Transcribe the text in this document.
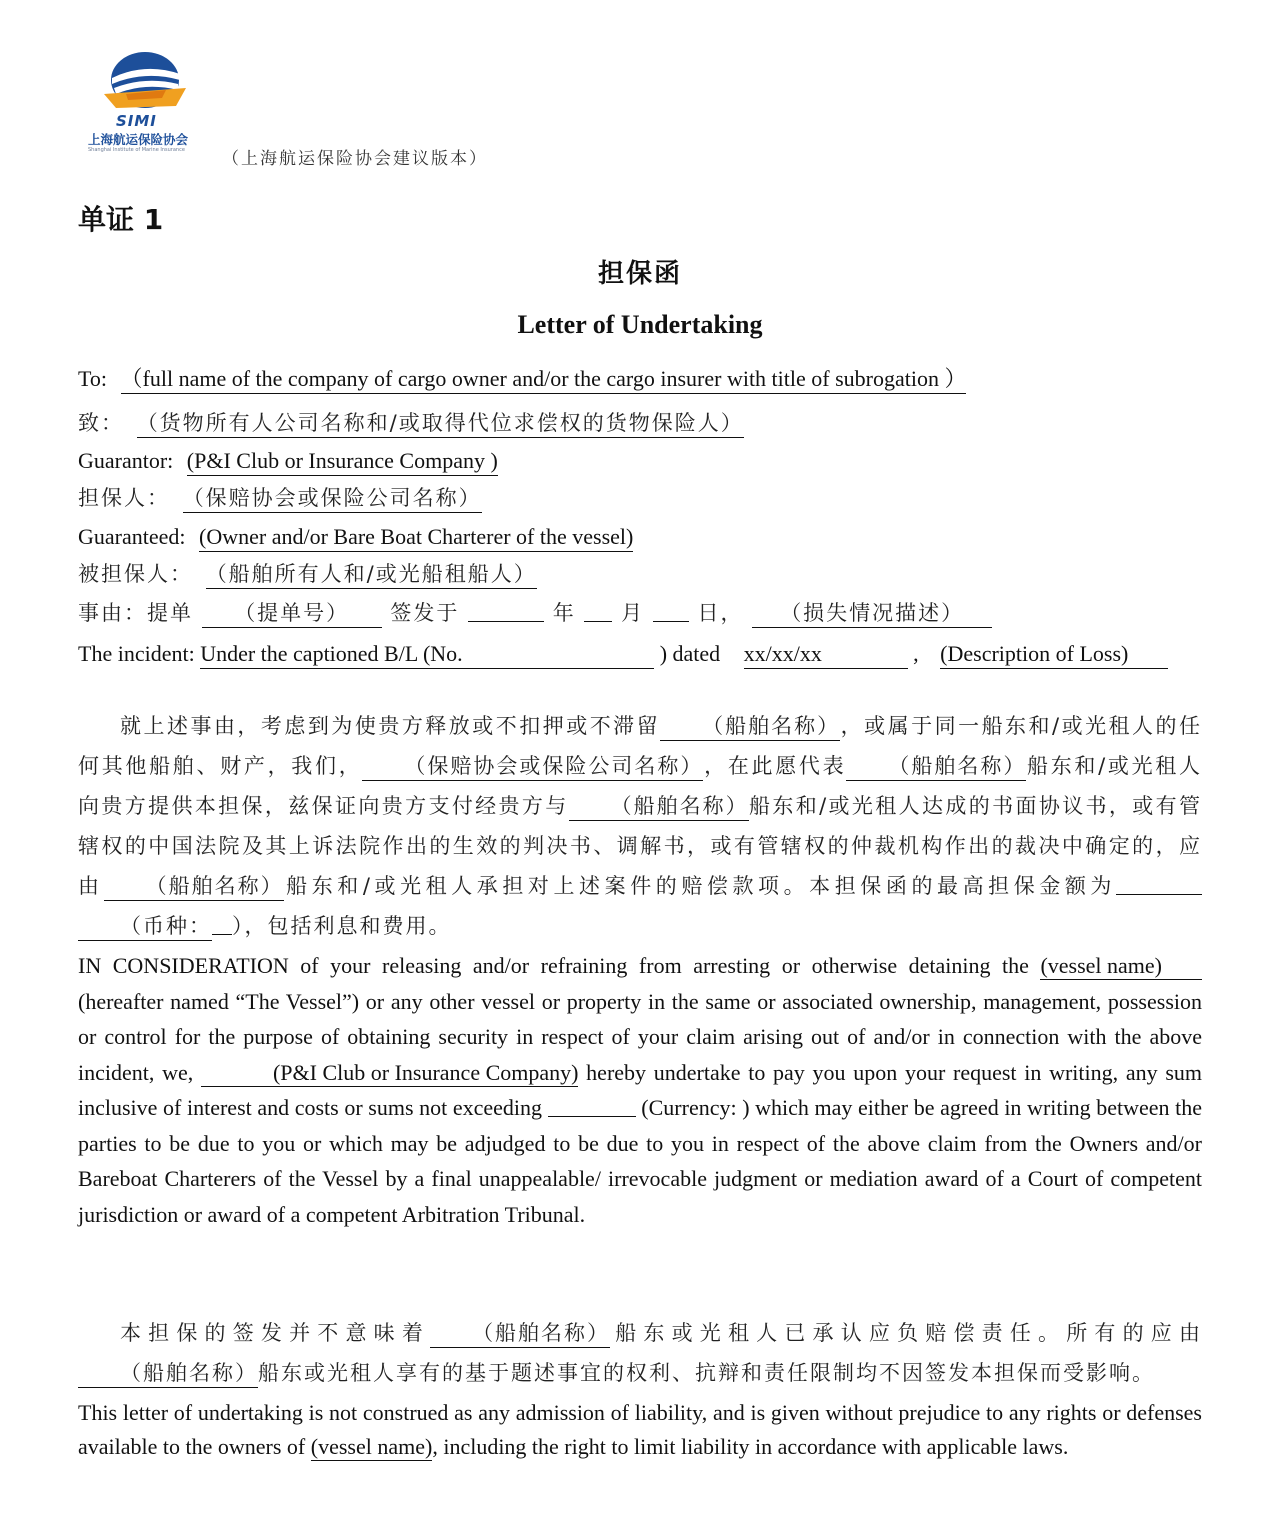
SIMI
上海航运保险协会
Shanghai Institute of Marine Insurance （上海航运保险协会建议版本）
单证 1
担保函
Letter of Undertaking
To: （full name of the company of cargo owner and/or the cargo insurer with title of subrogation ）
致： （货物所有人公司名称和/或取得代位求偿权的货物保险人）
Guarantor: (P&I Club or Insurance Company )
担保人： （保赔协会或保险公司名称）
Guaranteed: (Owner and/or Bare Boat Charterer of the vessel)
被担保人： （船舶所有人和/或光船租船人）
事由：提单 （提单号） 签发于	年 月	日， （损失情况描述）
The incident: Under the captioned B/L (No.	) dated xx/xx/xx	, (Description of Loss)

就上述事由，考虑到为使贵方释放或不扣押或不滞留 （船舶名称），或属于同一船东和/或光租人的任何其他船舶、财产，我们， （保赔协会或保险公司名称），在此愿代表 （船舶名称）船东和/或光租人向贵方提供本担保，兹保证向贵方支付经贵方与 （船舶名称）船东和/或光租人达成的书面协议书，或有管辖权的中国法院及其上诉法院作出的生效的判决书、调解书，或有管辖权的仲裁机构作出的裁决中确定的，应由 （船舶名称）船东和/或光租人承担对上述案件的赔偿款项。本担保函的最高担保金额为（币种： ），包括利息和费用。

IN CONSIDERATION of your releasing and/or refraining from arresting or otherwise detaining the (vessel name) (hereafter named “The Vessel”) or any other vessel or property in the same or associated ownership, management, possession or control for the purpose of obtaining security in respect of your claim arising out of and/or in connection with the above incident, we,	(P&I Club or Insurance Company) hereby undertake to pay you upon your request in writing, any sum inclusive of interest and costs or sums not exceeding	(Currency: ) which may either be agreed in writing between the parties to be due to you or which may be adjudged to be due to you in respect of the above claim from the Owners and/or Bareboat Charterers of the Vessel by a final unappealable/ irrevocable judgment or mediation award of a Court of competent jurisdiction or award of a competent Arbitration Tribunal.

本担保的签发并不意味着 （船舶名称）船东或光租人已承认应负赔偿责任。所有的应由（船舶名称）船东或光租人享有的基于题述事宜的权利、抗辩和责任限制均不因签发本担保而受影响。

This letter of undertaking is not construed as any admission of liability, and is given without prejudice to any rights or defenses available to the owners of (vessel name), including the right to limit liability in accordance with applicable laws.
